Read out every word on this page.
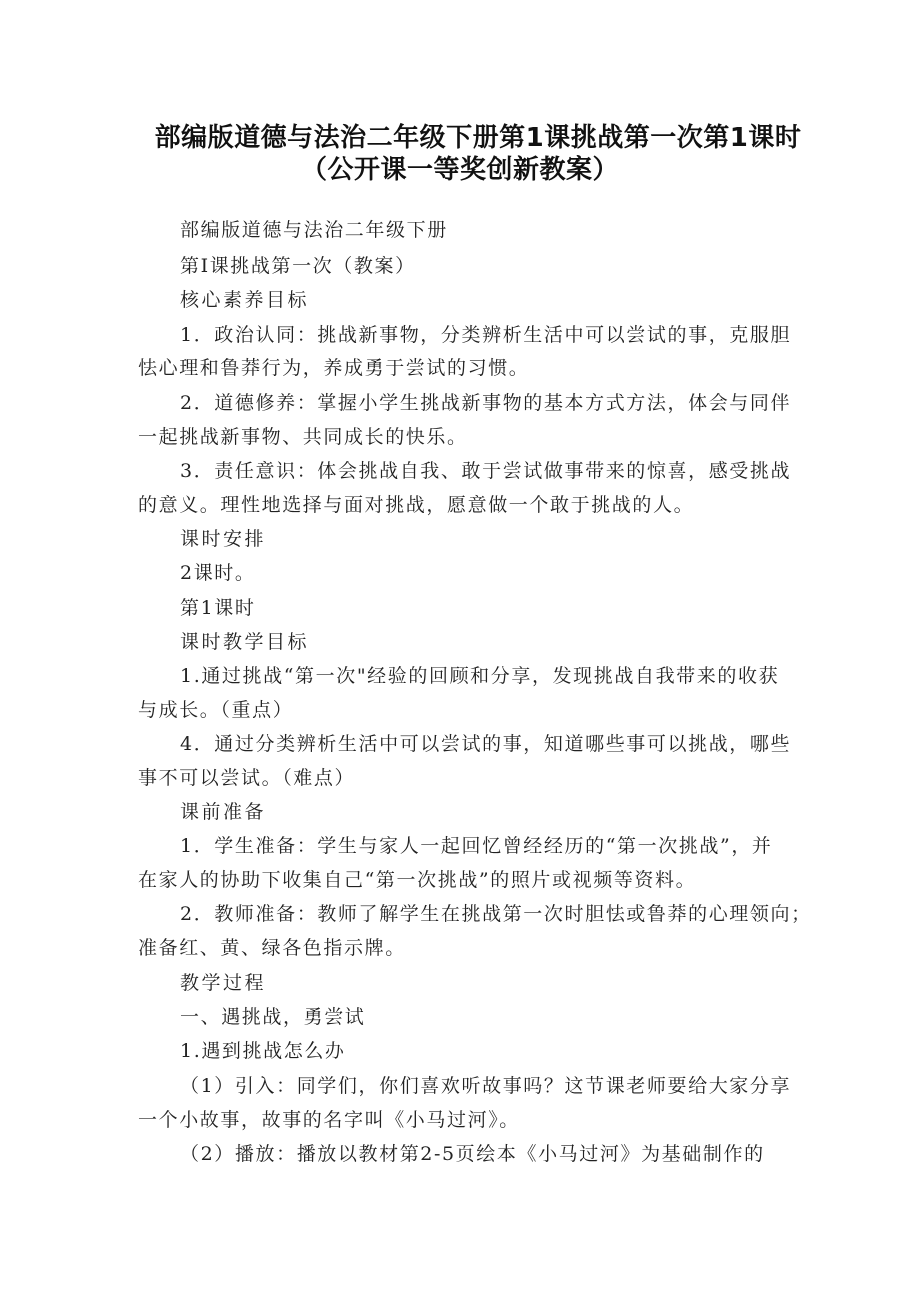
部编版道德与法治二年级下册第1课挑战第一次第1课时
（公开课一等奖创新教案）
部编版道德与法治二年级下册
第I课挑战第一次（教案）
核心素养目标
1．政治认同：挑战新事物，分类辨析生活中可以尝试的事，克服胆
怯心理和鲁莽行为，养成勇于尝试的习惯。
2．道德修养：掌握小学生挑战新事物的基本方式方法，体会与同伴
一起挑战新事物、共同成长的快乐。
3．责任意识：体会挑战自我、敢于尝试做事带来的惊喜，感受挑战
的意义。理性地选择与面对挑战，愿意做一个敢于挑战的人。
课时安排
2课时。
第1课时
课时教学目标
1.通过挑战“第一次"经验的回顾和分享，发现挑战自我带来的收获
与成长。（重点）
4．通过分类辨析生活中可以尝试的事，知道哪些事可以挑战，哪些
事不可以尝试。（难点）
课前准备
1．学生准备：学生与家人一起回忆曾经经历的“第一次挑战”，并
在家人的协助下收集自己“第一次挑战”的照片或视频等资料。
2．教师准备：教师了解学生在挑战第一次时胆怯或鲁莽的心理领向；
准备红、黄、绿各色指示牌。
教学过程
一、遇挑战，勇尝试
1.遇到挑战怎么办
（1）引入：同学们，你们喜欢听故事吗？这节课老师要给大家分享
一个小故事，故事的名字叫《小马过河》。
（2）播放：播放以教材第2-5页绘本《小马过河》为基础制作的
